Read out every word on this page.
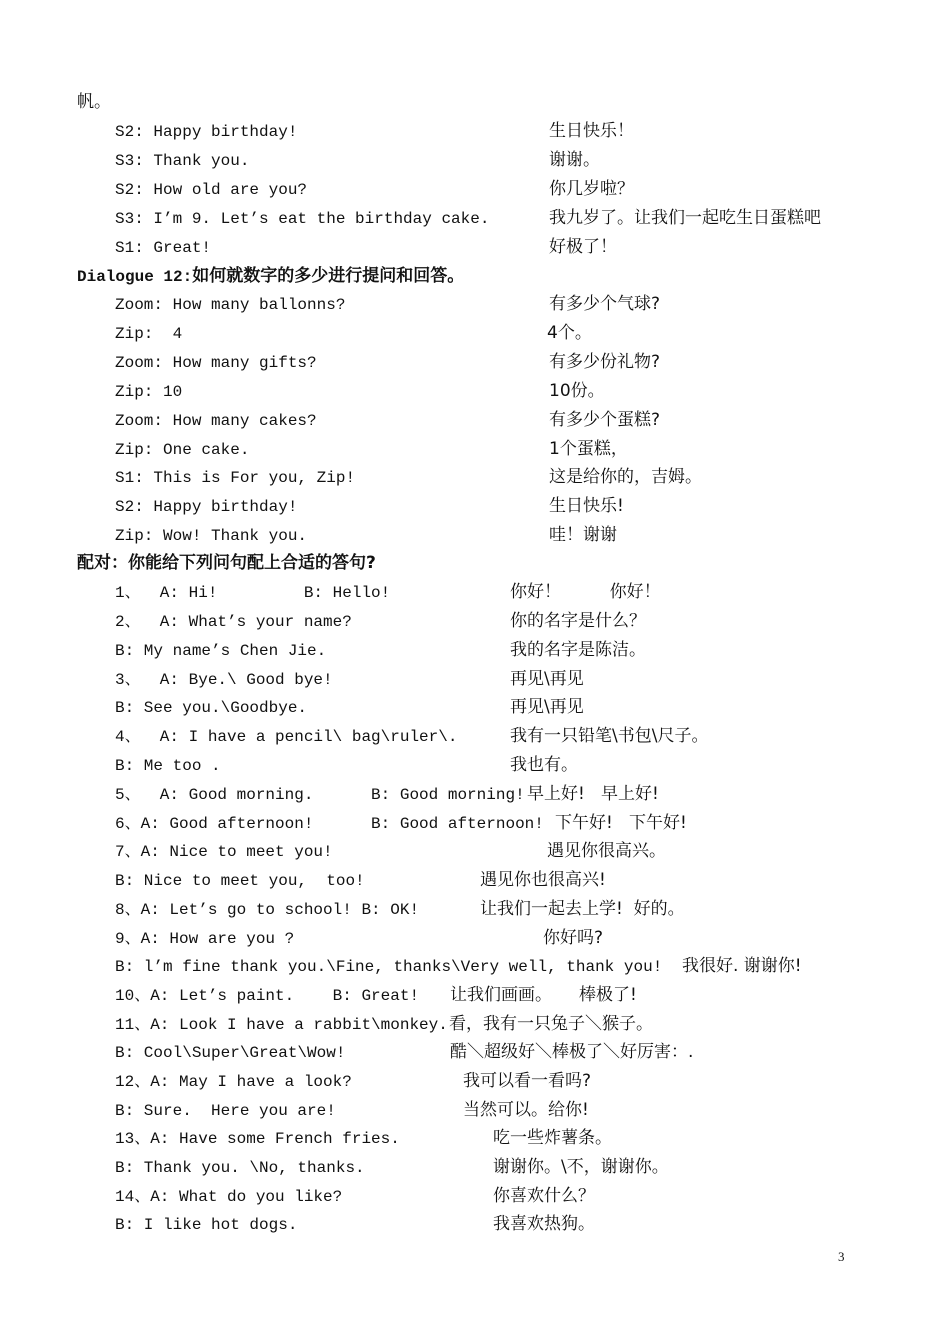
帆。
S2: Happy birthday!	生日快乐！
S3: Thank you.	谢谢。
S2: How old are you?	你几岁啦？
S3: I’m 9. Let’s eat the birthday cake.	我九岁了。让我们一起吃生日蛋糕吧
S1: Great!	好极了！
Dialogue 12:如何就数字的多少进行提问和回答。
Zoom: How many ballonns?	有多少个气球?
Zip:  4	4个。
Zoom: How many gifts?	有多少份礼物?
Zip: 10	10份。
Zoom: How many cakes?	有多少个蛋糕?
Zip: One cake.	1个蛋糕，
S1: This is For you, Zip!	这是给你的，吉姆。
S2: Happy birthday!	生日快乐!
Zip: Wow! Thank you.	哇！谢谢
配对：你能给下列问句配上合适的答句?
1、  A: Hi!         B: Hello!	你好！         你好！
2、  A: What’s your name?	你的名字是什么？
B: My name’s Chen Jie.	我的名字是陈洁。
3、  A: Bye.\ Good bye!	再见\再见
B: See you.\Goodbye.	再见\再见
4、  A: I have a pencil\ bag\ruler\.	我有一只铅笔\书包\尺子。
B: Me too .	我也有。
5、  A: Good morning.      B: Good morning! 早上好!   早上好!
6、A: Good afternoon!      B: Good afternoon! 下午好!   下午好!
7、A: Nice to meet you!	遇见你很高兴。
B: Nice to meet you,  too!	遇见你也很高兴!
8、A: Let’s go to school! B: OK!	让我们一起去上学!  好的。
9、A: How are you ?	你好吗?
B: l’m fine thank you.\Fine, thanks\Very well, thank you! 我很好. 谢谢你!
10、A: Let’s paint.    B: Great! 让我们画画。     棒极了!
11、A: Look I have a rabbit\monkey. 看，我有一只兔子＼猴子。
B: Cool\Super\Great\Wow!	酷＼超级好＼棒极了＼好厉害：.
12、A: May I have a look?	我可以看一看吗?
B: Sure.  Here you are!	当然可以。给你!
13、A: Have some French fries.	吃一些炸薯条。
B: Thank you. \No, thanks.	谢谢你。\不，谢谢你。
14、A: What do you like?	你喜欢什么？
B: I like hot dogs.	我喜欢热狗。
3
